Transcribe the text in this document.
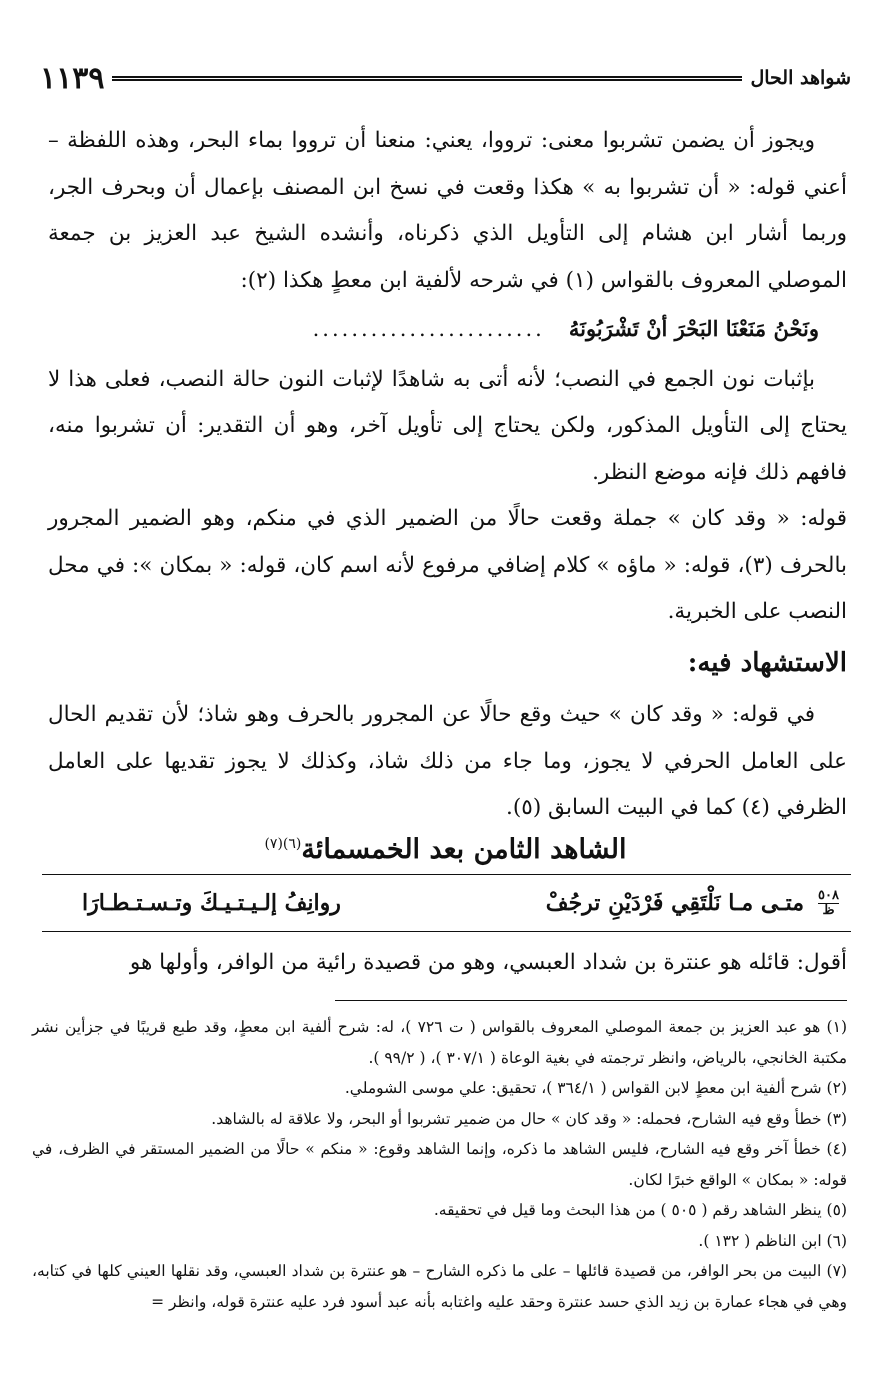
١١٣٩	شواهد الحال

ويجوز أن يضمن تشربوا معنى: ترووا، يعني: منعنا أن ترووا بماء البحر، وهذه اللفظة – أعني قوله: « أن تشربوا به » هكذا وقعت في نسخ ابن المصنف بإعمال أن وبحرف الجر، وربما أشار ابن هشام إلى التأويل الذي ذكرناه، وأنشده الشيخ عبد العزيز بن جمعة الموصلي المعروف بالقواس (١) في شرحه لألفية ابن معطٍ هكذا (٢):

ونَحْنُ مَنَعْنَا البَحْرَ أنْ تَشْرَبُونَهُ
........................

بإثبات نون الجمع في النصب؛ لأنه أتى به شاهدًا لإثبات النون حالة النصب، فعلى هذا لا يحتاج إلى التأويل المذكور، ولكن يحتاج إلى تأويل آخر، وهو أن التقدير: أن تشربوا منه، فافهم ذلك فإنه موضع النظر.

قوله: « وقد كان » جملة وقعت حالًا من الضمير الذي في منكم، وهو الضمير المجرور بالحرف (٣)، قوله: « ماؤه » كلام إضافي مرفوع لأنه اسم كان، قوله: « بمكان »: في محل النصب على الخبرية.

الاستشهاد فيه:

في قوله: « وقد كان » حيث وقع حالًا عن المجرور بالحرف وهو شاذ؛ لأن تقديم الحال على العامل الحرفي لا يجوز، وما جاء من ذلك شاذ، وكذلك لا يجوز تقديها على العامل الظرفي (٤) كما في البيت السابق (٥).

الشاهد الثامن بعد الخمسمائة$^{(٦)(٧)}$
٥٠٨
ظ
متـى مـا نَلْتَقِي فَرْدَيْنِ ترجُفْ
روانِفُ إلـيـتـيـكَ وتـسـتـطـارَا
أقول: قائله هو عنترة بن شداد العبسي، وهو من قصيدة رائية من الوافر، وأولها هو

(١) هو عبد العزيز بن جمعة الموصلي المعروف بالقواس ( ت ٧٢٦ )، له: شرح ألفية ابن معطٍ، وقد طبع قريبًا في جزأين نشر مكتبة الخانجي، بالرياض، وانظر ترجمته في بغية الوعاة ( ٣٠٧/١ )، ( ٩٩/٢ ).

(٢) شرح ألفية ابن معطٍ لابن القواس ( ٣٦٤/١ )، تحقيق: علي موسى الشوملي.

(٣) خطأ وقع فيه الشارح، فحمله: « وقد كان » حال من ضمير تشربوا أو البحر، ولا علاقة له بالشاهد.

(٤) خطأ آخر وقع فيه الشارح، فليس الشاهد ما ذكره، وإنما الشاهد وقوع: « منكم » حالًا من الضمير المستقر في الظرف، في قوله: « بمكان » الواقع خبرًا لكان.

(٥) ينظر الشاهد رقم ( ٥٠٥ ) من هذا البحث وما قيل في تحقيقه.

(٦) ابن الناظم ( ١٣٢ ).

(٧) البيت من بحر الوافر، من قصيدة قائلها – على ما ذكره الشارح – هو عنترة بن شداد العبسي، وقد نقلها العيني كلها في كتابه، وهي في هجاء عمارة بن زيد الذي حسد عنترة وحقد عليه واغتابه بأنه عبد أسود فرد عليه عنترة قوله، وانظر =
